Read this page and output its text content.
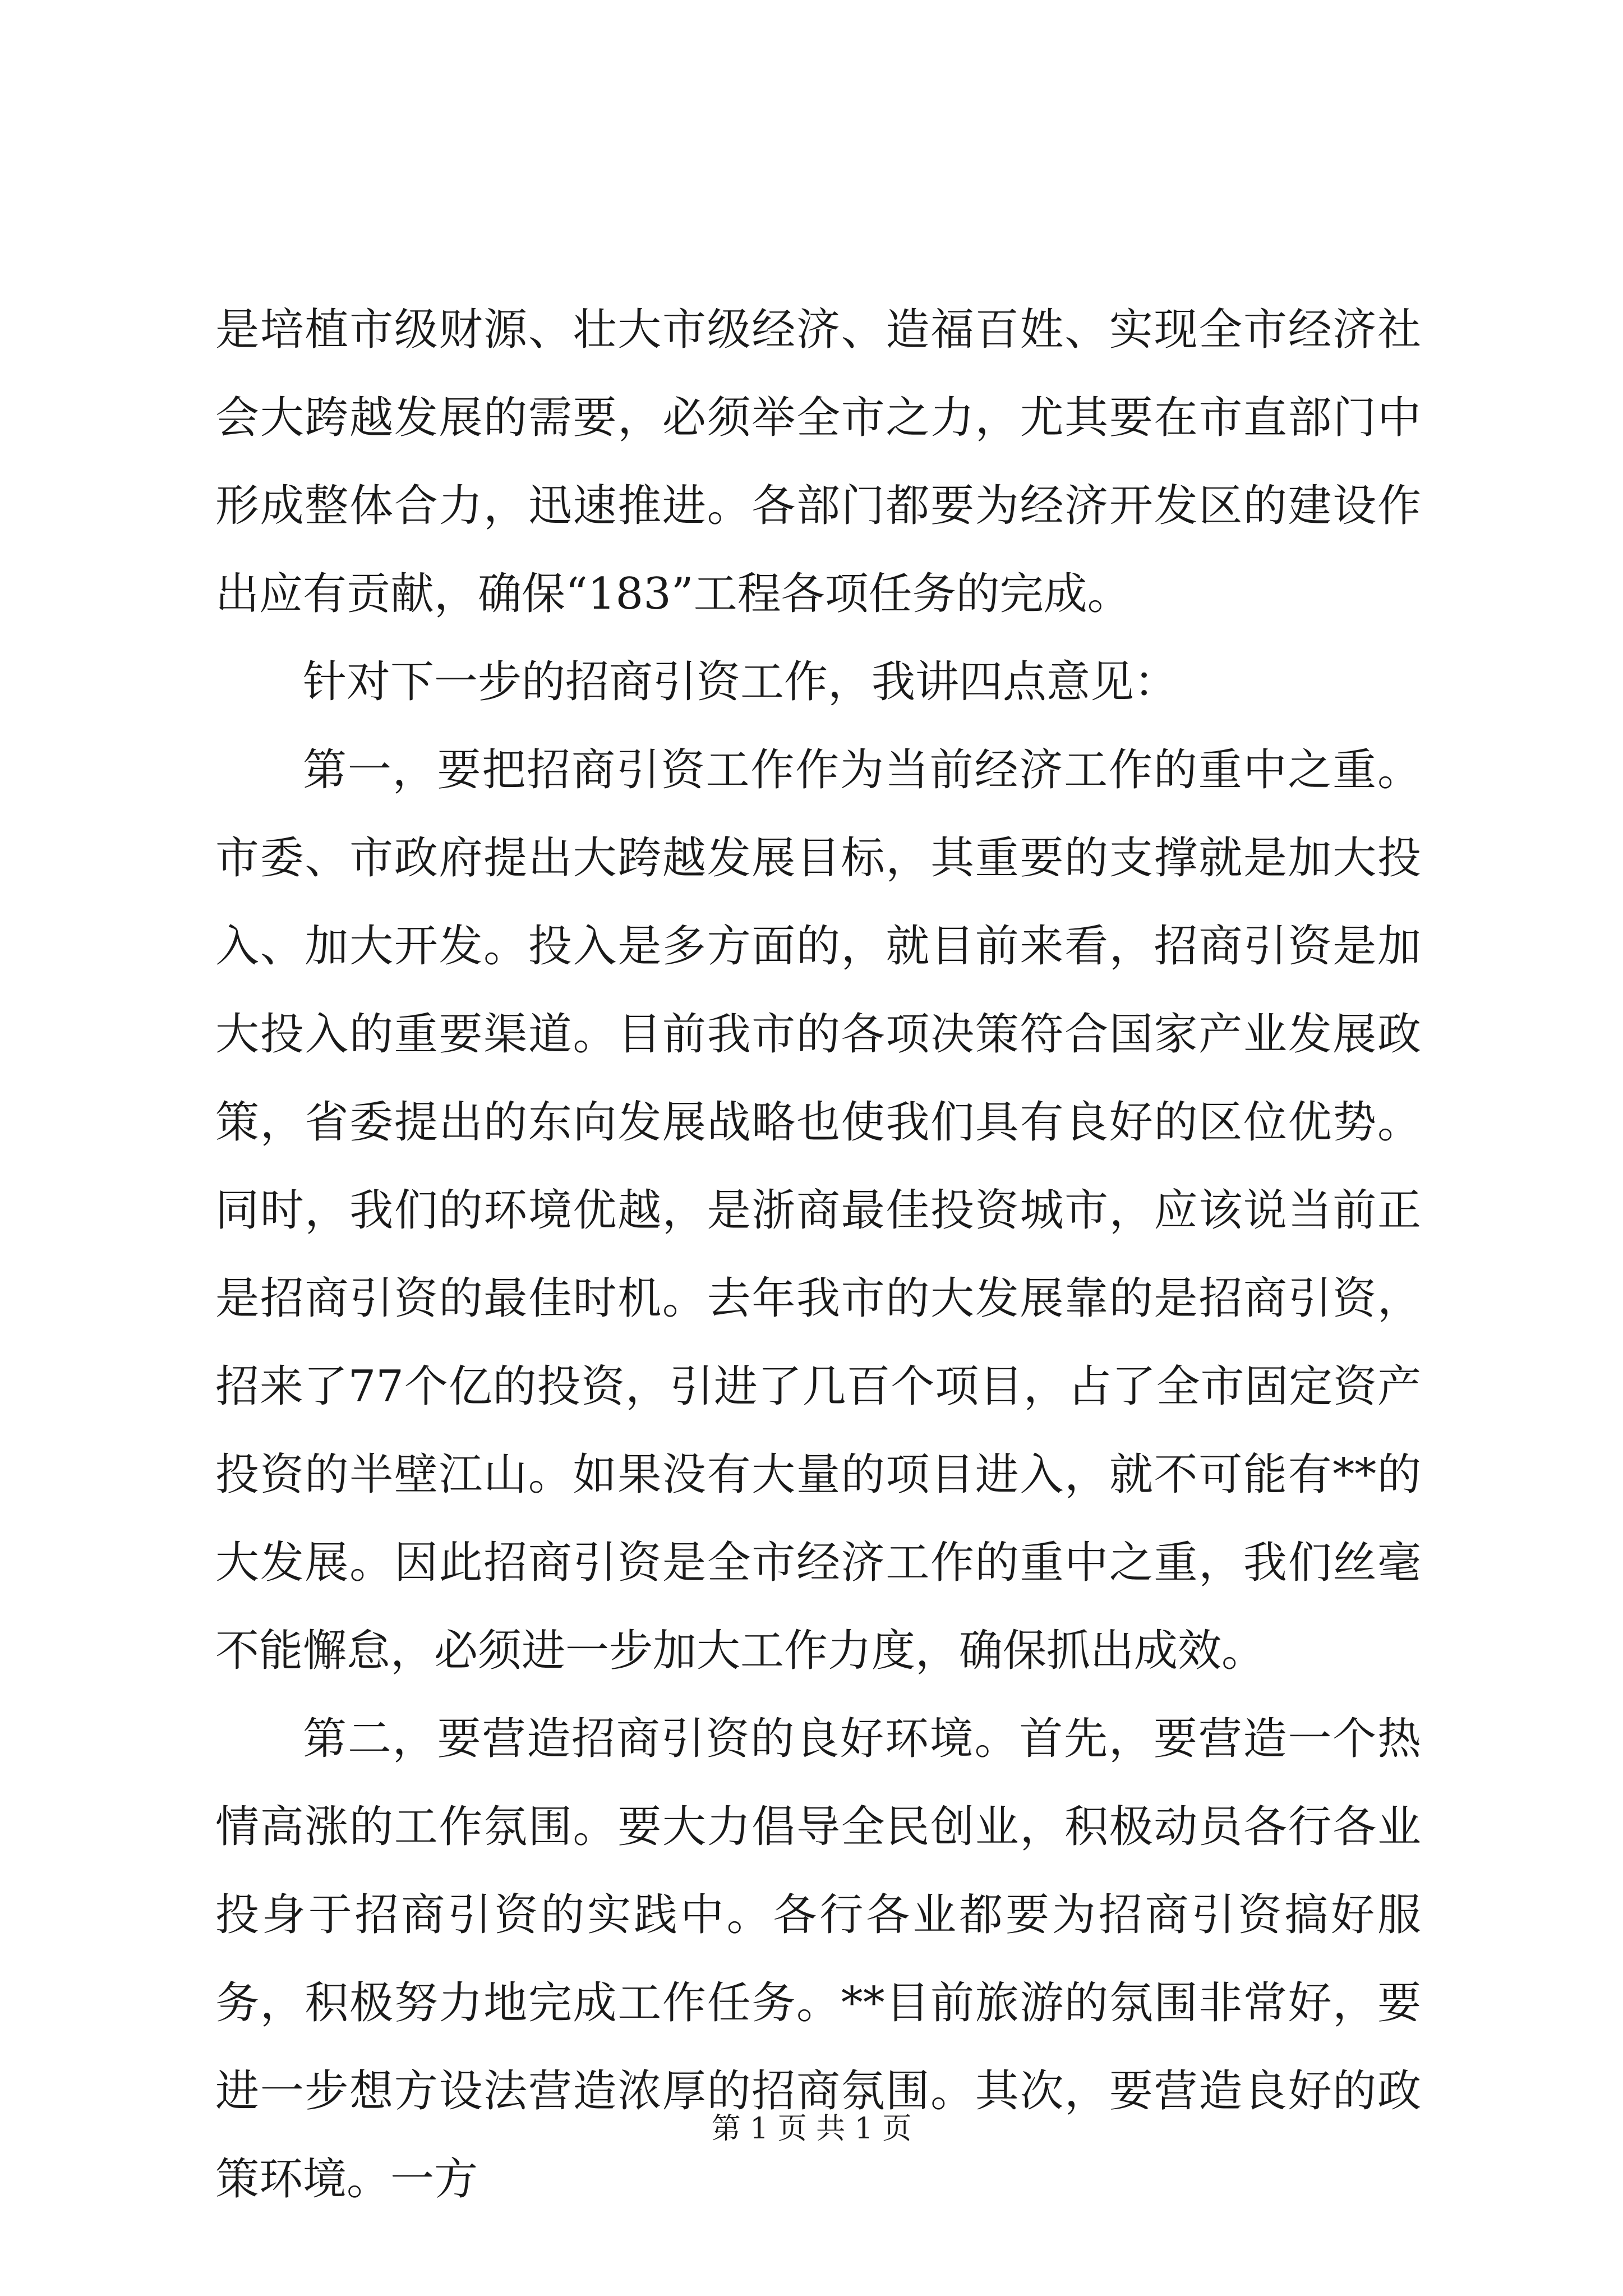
是培植市级财源、壮大市级经济、造福百姓、实现全市经济社会大跨越发展的需要，必须举全市之力，尤其要在市直部门中形成整体合力，迅速推进。各部门都要为经济开发区的建设作出应有贡献，确保“183”工程各项任务的完成。

针对下一步的招商引资工作，我讲四点意见：

第一，要把招商引资工作作为当前经济工作的重中之重。市委、市政府提出大跨越发展目标，其重要的支撑就是加大投入、加大开发。投入是多方面的，就目前来看，招商引资是加大投入的重要渠道。目前我市的各项决策符合国家产业发展政策，省委提出的东向发展战略也使我们具有良好的区位优势。同时，我们的环境优越，是浙商最佳投资城市，应该说当前正是招商引资的最佳时机。去年我市的大发展靠的是招商引资，招来了77个亿的投资，引进了几百个项目，占了全市固定资产投资的半壁江山。如果没有大量的项目进入，就不可能有**的大发展。因此招商引资是全市经济工作的重中之重，我们丝毫不能懈怠，必须进一步加大工作力度，确保抓出成效。

第二，要营造招商引资的良好环境。首先，要营造一个热情高涨的工作氛围。要大力倡导全民创业，积极动员各行各业投身于招商引资的实践中。各行各业都要为招商引资搞好服务，积极努力地完成工作任务。**目前旅游的氛围非常好，要进一步想方设法营造浓厚的招商氛围。其次，要营造良好的政策环境。一方

第 1 页 共 1 页
